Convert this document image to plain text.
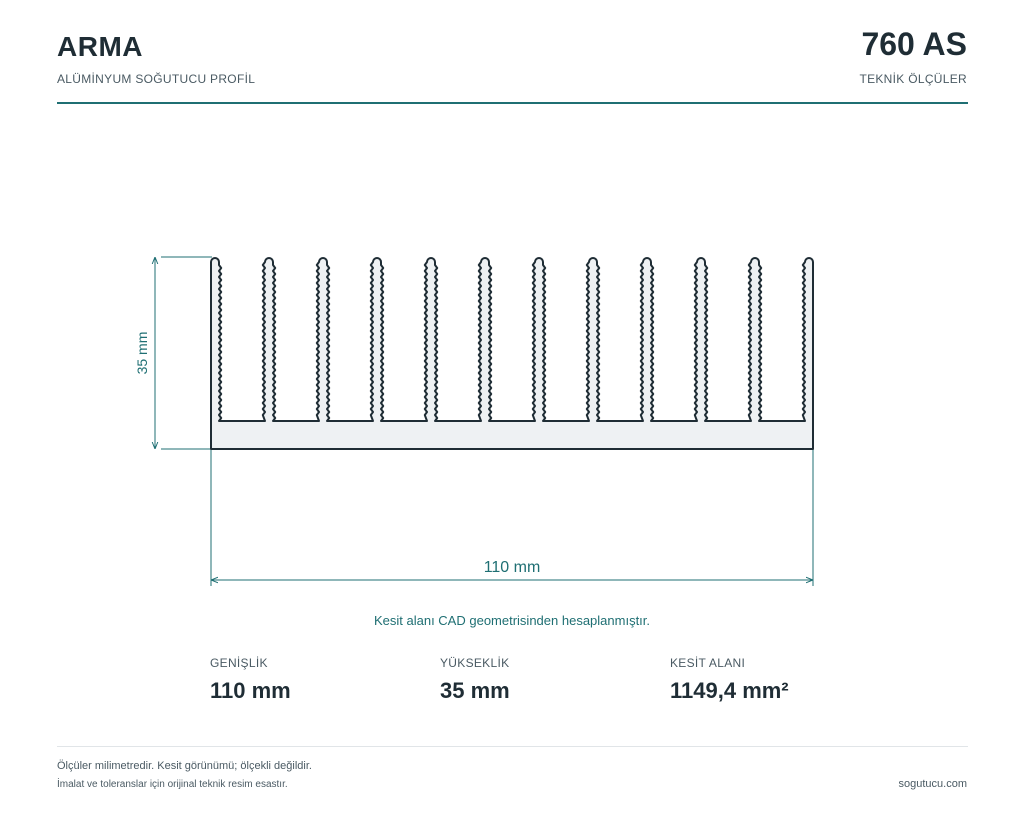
ARMA
ALÜMİNYUM SOĞUTUCU PROFİL
760 AS
TEKNİK ÖLÇÜLER
35 mm
110 mm
Kesit alanı CAD geometrisinden hesaplanmıştır.
GENİŞLİK
110 mm
YÜKSEKLİK
35 mm
KESİT ALANI
1149,4 mm²
Ölçüler milimetredir. Kesit görünümü; ölçekli değildir.
İmalat ve toleranslar için orijinal teknik resim esastır.	sogutucu.com
